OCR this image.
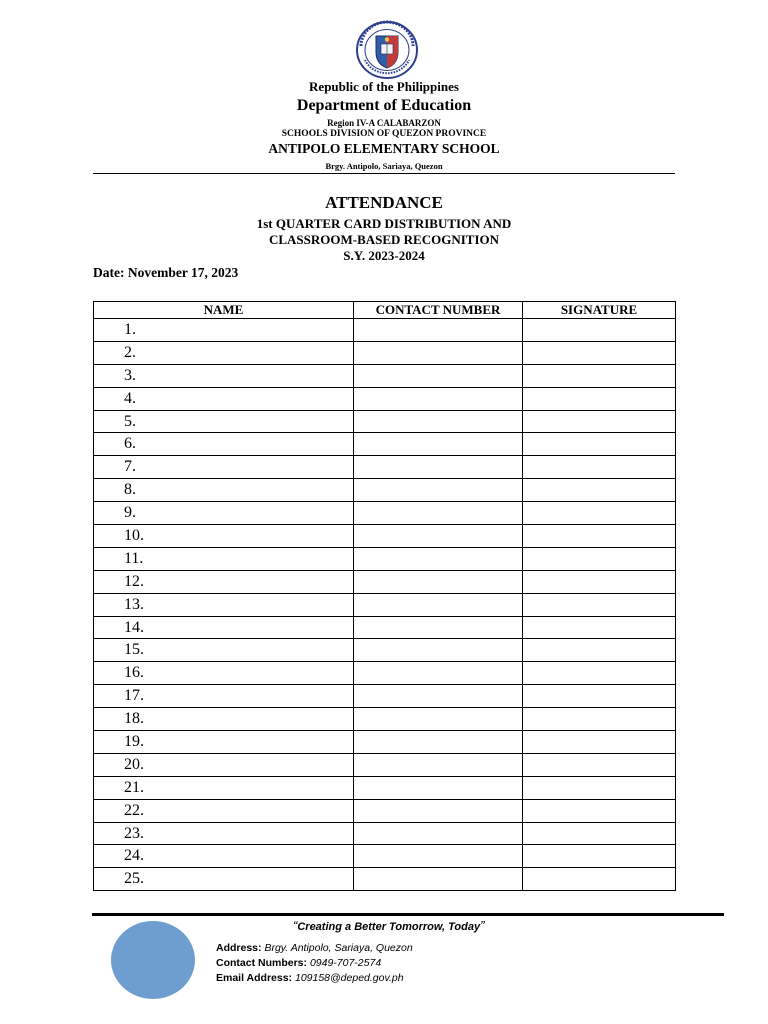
Republic of the Philippines
Department of Education
Region IV-A CALABARZON
SCHOOLS DIVISION OF QUEZON PROVINCE
ANTIPOLO ELEMENTARY SCHOOL
Brgy. Antipolo, Sariaya, Quezon
ATTENDANCE
1st QUARTER CARD DISTRIBUTION AND
CLASSROOM-BASED RECOGNITION
S.Y. 2023-2024
Date: November 17, 2023
NAME	CONTACT NUMBER	SIGNATURE
1.		
2.		
3.		
4.		
5.		
6.		
7.		
8.		
9.		
10.		
11.		
12.		
13.		
14.		
15.		
16.		
17.		
18.		
19.		
20.		
21.		
22.		
23.		
24.		
25.		
“Creating a Better Tomorrow, Today”
Address: Brgy. Antipolo, Sariaya, Quezon
Contact Numbers: 0949-707-2574
Email Address: 109158@deped.gov.ph
